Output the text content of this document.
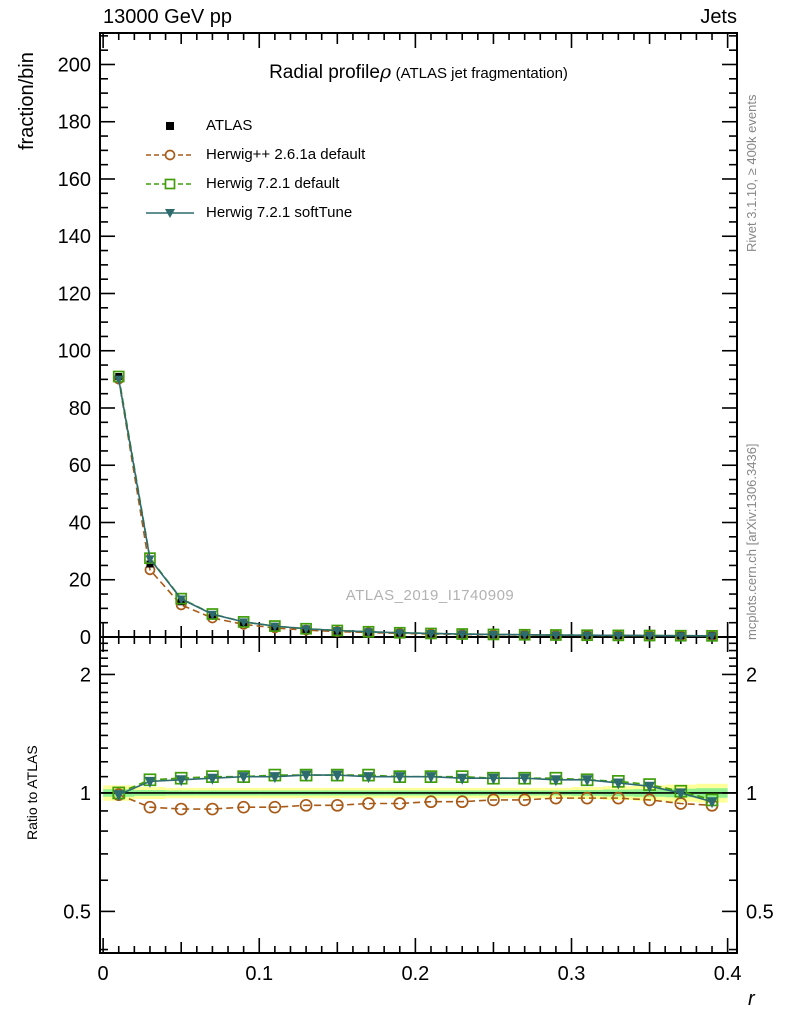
13000 GeV pp	Jets
0
20
40
60
80
100
120
140
160
180
200
0	0.1	0.2	0.3	0.4
2	2
1	1
0.5	0.5
Radial profileρ (ATLAS jet fragmentation)
ATLAS
Herwig++ 2.6.1a default
Herwig 7.2.1 default
Herwig 7.2.1 softTune
fraction/bin
Ratio to ATLAS
Rivet 3.1.10, ≥ 400k events
mcplots.cern.ch [arXiv:1306.3436]
ATLAS_2019_I1740909
r
